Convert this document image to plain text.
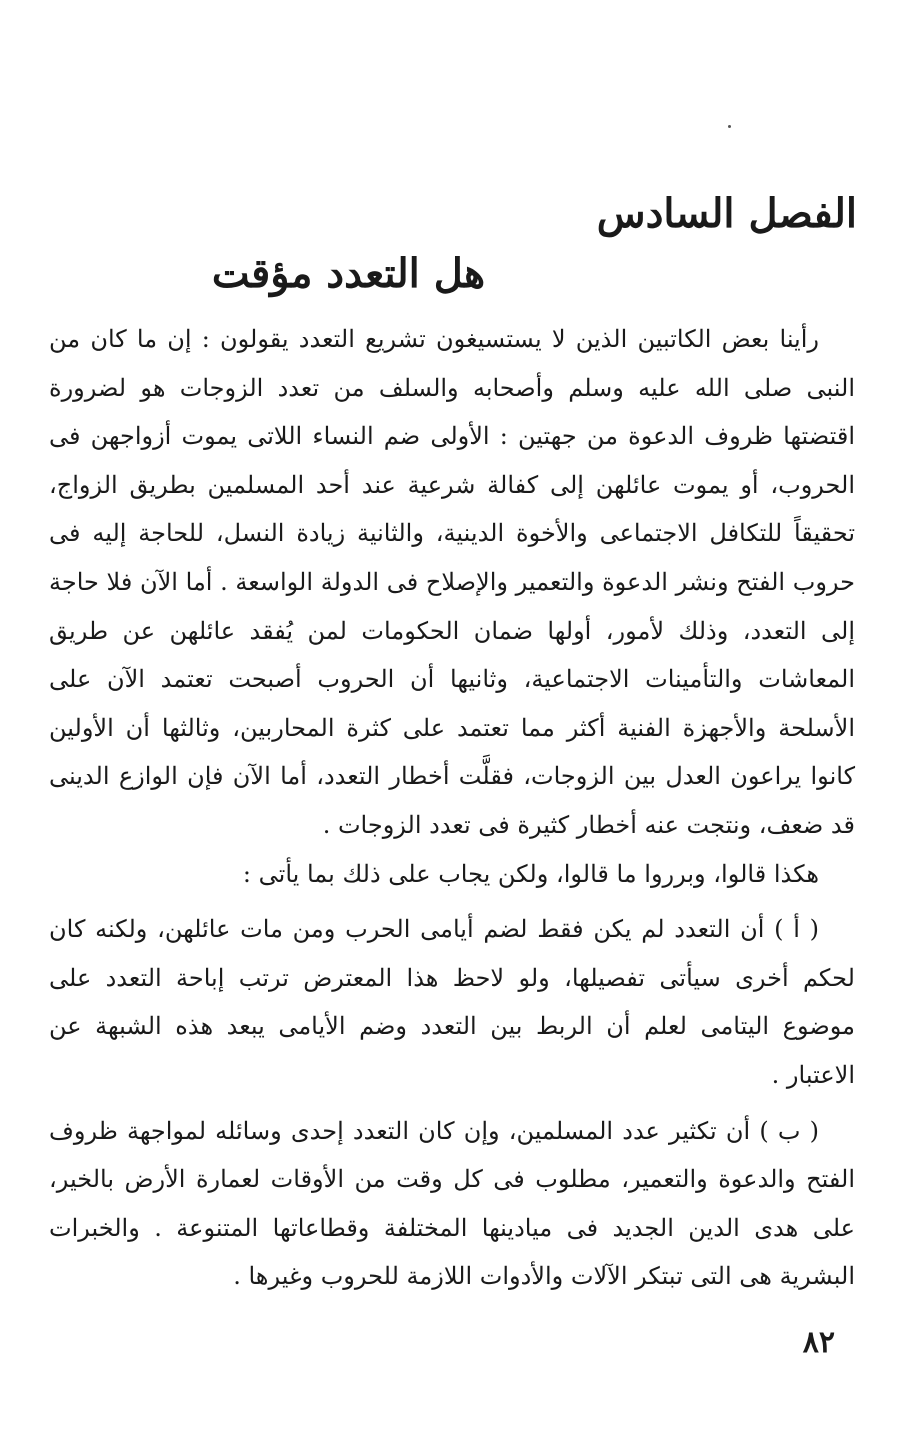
الفصل السادس
هل التعدد مؤقت

رأينا بعض الكاتبين الذين لا يستسيغون تشريع التعدد يقولون : إن ما كان من النبى صلى الله عليه وسلم وأصحابه والسلف من تعدد الزوجات هو لضرورة اقتضتها ظروف الدعوة من جهتين : الأولى ضم النساء اللاتى يموت أزواجهن فى الحروب، أو يموت عائلهن إلى كفالة شرعية عند أحد المسلمين بطريق الزواج، تحقيقاً للتكافل الاجتماعى والأخوة الدينية، والثانية زيادة النسل، للحاجة إليه فى حروب الفتح ونشر الدعوة والتعمير والإصلاح فى الدولة الواسعة . أما الآن فلا حاجة إلى التعدد، وذلك لأمور، أولها ضمان الحكومات لمن يُفقد عائلهن عن طريق المعاشات والتأمينات الاجتماعية، وثانيها أن الحروب أصبحت تعتمد الآن على الأسلحة والأجهزة الفنية أكثر مما تعتمد على كثرة المحاربين، وثالثها أن الأولين كانوا يراعون العدل بين الزوجات، فقلَّت أخطار التعدد، أما الآن فإن الوازع الدينى قد ضعف، ونتجت عنه أخطار كثيرة فى تعدد الزوجات .

هكذا قالوا، وبرروا ما قالوا، ولكن يجاب على ذلك بما يأتى :

( أ ) أن التعدد لم يكن فقط لضم أيامى الحرب ومن مات عائلهن، ولكنه كان لحكم أخرى سيأتى تفصيلها، ولو لاحظ هذا المعترض ترتب إباحة التعدد على موضوع اليتامى لعلم أن الربط بين التعدد وضم الأيامى يبعد هذه الشبهة عن الاعتبار .

( ب ) أن تكثير عدد المسلمين، وإن كان التعدد إحدى وسائله لمواجهة ظروف الفتح والدعوة والتعمير، مطلوب فى كل وقت من الأوقات لعمارة الأرض بالخير، على هدى الدين الجديد فى ميادينها المختلفة وقطاعاتها المتنوعة . والخبرات البشرية هى التى تبتكر الآلات والأدوات اللازمة للحروب وغيرها .

٨٢
